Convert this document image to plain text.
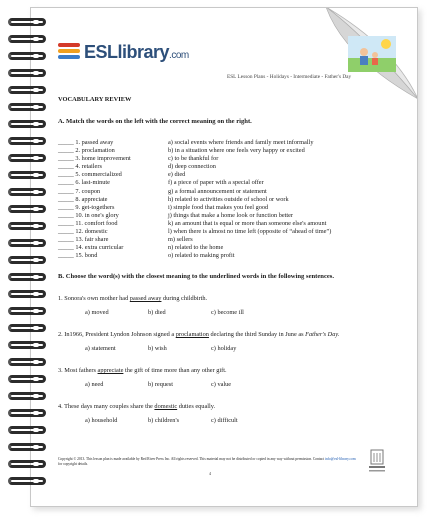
ESLlibrary.com
ESL Lesson Plans - Holidays - Intermediate - Father's Day
VOCABULARY REVIEW
A. Match the words on the left with the correct meaning on the right.
_____ 1. passed away	a) social events where friends and family meet informally
_____ 2. proclamation	b) in a situation where one feels very happy or excited
_____ 3. home improvement	c) to be thankful for
_____ 4. retailers	d) deep connection
_____ 5. commercialized	e) died
_____ 6. last-minute	f) a piece of paper with a special offer
_____ 7. coupon	g) a formal announcement or statement
_____ 8. appreciate	h) related to activities outside of school or work
_____ 9. get-togethers	i) simple food that makes you feel good
_____ 10. in one's glory	j) things that make a home look or function better
_____ 11. comfort food	k) an amount that is equal or more than someone else's amount
_____ 12. domestic	l) when there is almost no time left (opposite of “ahead of time”)
_____ 13. fair share	m) sellers
_____ 14. extra curricular	n) related to the home
_____ 15. bond	o) related to making profit
B. Choose the word(s) with the closest meaning to the underlined words in the following sentences.
1. Sonora's own mother had passed away during childbirth.
a) moved	b) died	c) become ill
2. In1966, President Lyndon Johnson signed a proclamation declaring the third Sunday in June as Father's Day.
a) statement	b) wish	c) holiday
3. Most fathers appreciate the gift of time more than any other gift.
a) need	b) request	c) value
4. These days many couples share the domestic duties equally.
a) household	b) children's	c) difficult
Copyright © 2013. This lesson plan is made available by Red River Press Inc. All rights reserved. This material may not be distributed or copied in any way without permission. Contact info@esl-library.com for copyright details.
4
